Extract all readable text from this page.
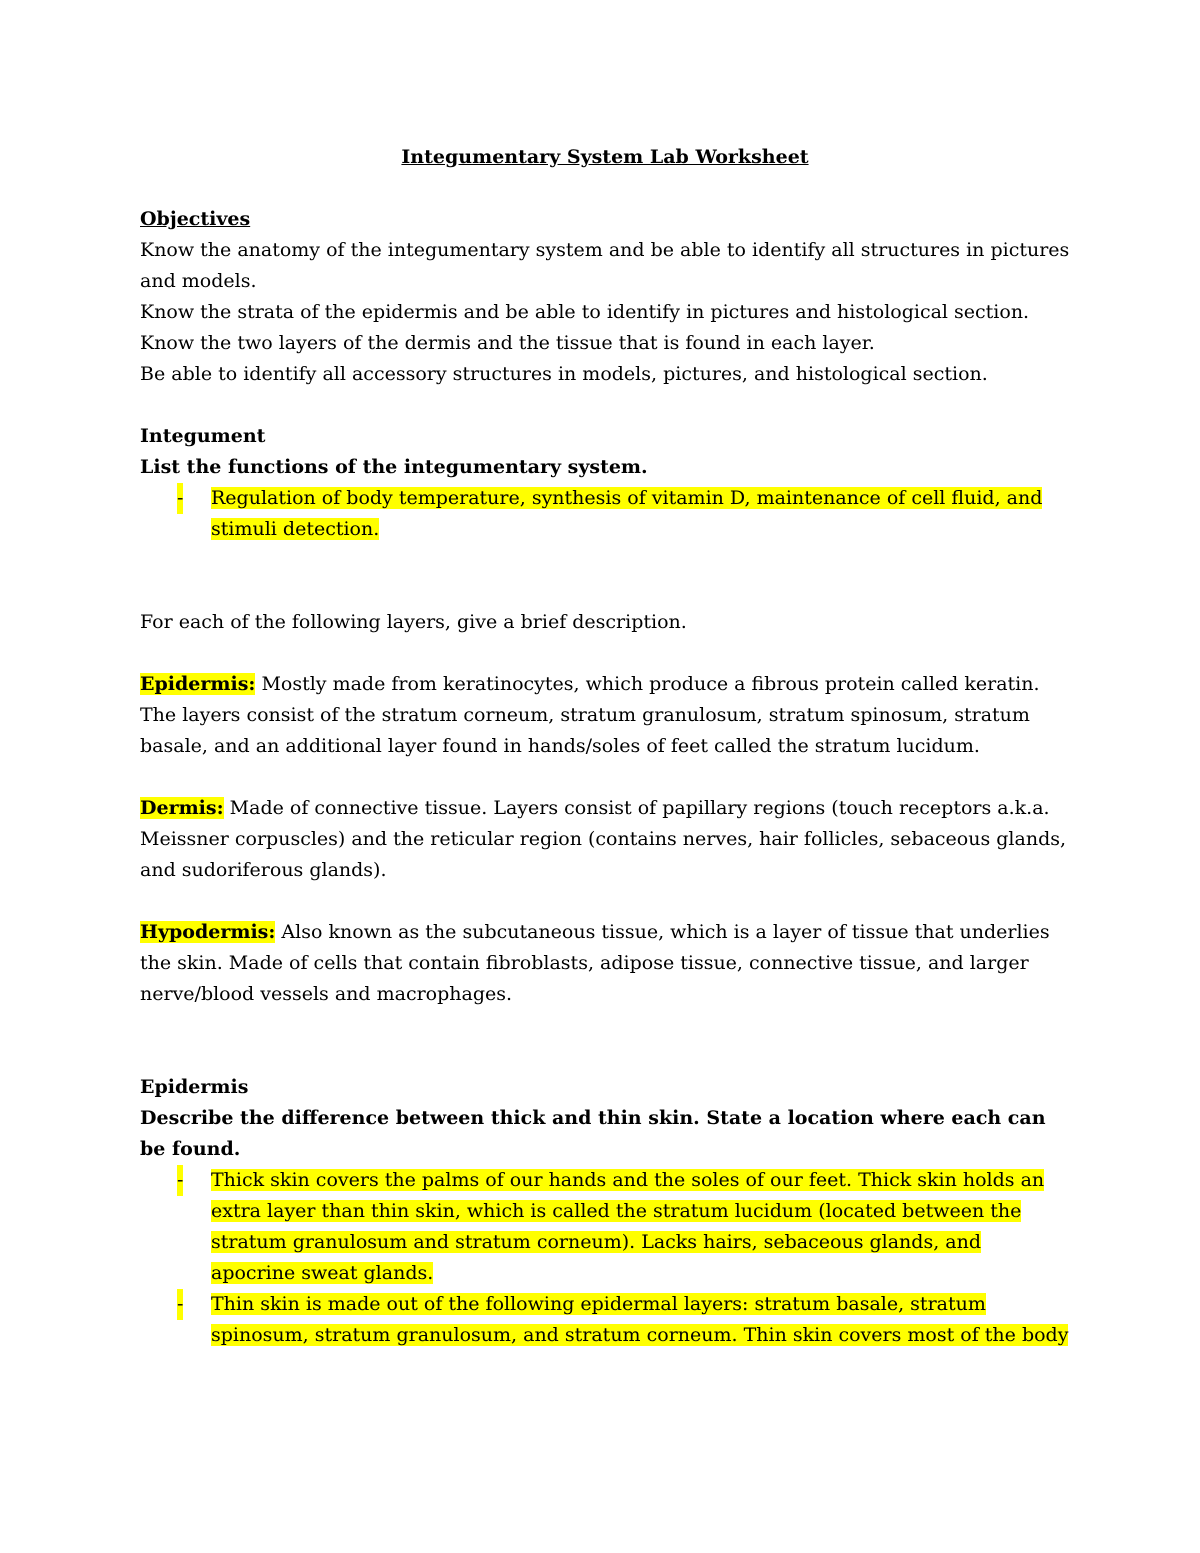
Integumentary System Lab Worksheet

Objectives

Know the anatomy of the integumentary system and be able to identify all structures in pictures and models.

Know the strata of the epidermis and be able to identify in pictures and histological section.

Know the two layers of the dermis and the tissue that is found in each layer.

Be able to identify all accessory structures in models, pictures, and histological section.

Integument

List the functions of the integumentary system.

- Regulation of body temperature, synthesis of vitamin D, maintenance of cell fluid, and stimuli detection.

For each of the following layers, give a brief description.

Epidermis: Mostly made from keratinocytes, which produce a fibrous protein called keratin. The layers consist of the stratum corneum, stratum granulosum, stratum spinosum, stratum basale, and an additional layer found in hands/soles of feet called the stratum lucidum.

Dermis: Made of connective tissue. Layers consist of papillary regions (touch receptors a.k.a. Meissner corpuscles) and the reticular region (contains nerves, hair follicles, sebaceous glands, and sudoriferous glands).

Hypodermis: Also known as the subcutaneous tissue, which is a layer of tissue that underlies the skin. Made of cells that contain fibroblasts, adipose tissue, connective tissue, and larger nerve/blood vessels and macrophages.

Epidermis

Describe the difference between thick and thin skin. State a location where each can be found.

- Thick skin covers the palms of our hands and the soles of our feet. Thick skin holds an extra layer than thin skin, which is called the stratum lucidum (located between the stratum granulosum and stratum corneum). Lacks hairs, sebaceous glands, and apocrine sweat glands.
- Thin skin is made out of the following epidermal layers: stratum basale, stratum spinosum, stratum granulosum, and stratum corneum. Thin skin covers most of the body
